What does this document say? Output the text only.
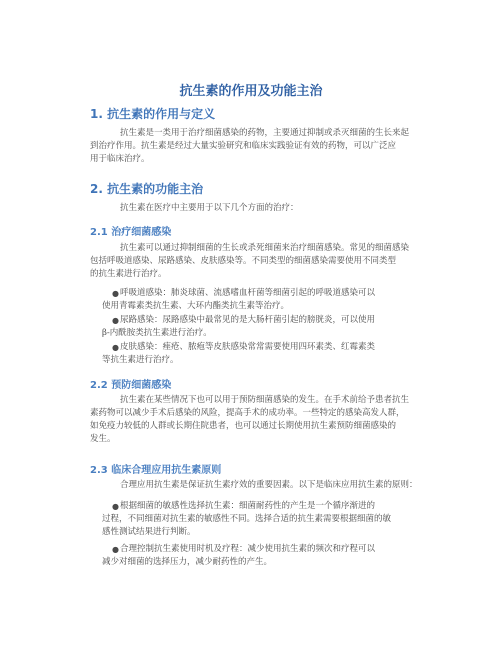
抗生素的作用及功能主治
1. 抗生素的作用与定义

抗生素是一类用于治疗细菌感染的药物，主要通过抑制或杀灭细菌的生长来起
到治疗作用。抗生素是经过大量实验研究和临床实践验证有效的药物，可以广泛应
用于临床治疗。

2. 抗生素的功能主治

抗生素在医疗中主要用于以下几个方面的治疗：

2.1 治疗细菌感染

抗生素可以通过抑制细菌的生长或杀死细菌来治疗细菌感染。常见的细菌感染
包括呼吸道感染、尿路感染、皮肤感染等。不同类型的细菌感染需要使用不同类型
的抗生素进行治疗。

● 呼吸道感染：肺炎球菌、流感嗜血杆菌等细菌引起的呼吸道感染可以
使用青霉素类抗生素、大环内酯类抗生素等治疗。
● 尿路感染：尿路感染中最常见的是大肠杆菌引起的膀胱炎，可以使用
β-内酰胺类抗生素进行治疗。
● 皮肤感染：痤疮、脓疱等皮肤感染常常需要使用四环素类、红霉素类
等抗生素进行治疗。
2.2 预防细菌感染

抗生素在某些情况下也可以用于预防细菌感染的发生。在手术前给予患者抗生
素药物可以减少手术后感染的风险，提高手术的成功率。一些特定的感染高发人群，
如免疫力较低的人群或长期住院患者，也可以通过长期使用抗生素预防细菌感染的
发生。

2.3 临床合理应用抗生素原则

合理应用抗生素是保证抗生素疗效的重要因素。以下是临床应用抗生素的原则：

● 根据细菌的敏感性选择抗生素：细菌耐药性的产生是一个循序渐进的
过程，不同细菌对抗生素的敏感性不同。选择合适的抗生素需要根据细菌的敏
感性测试结果进行判断。
● 合理控制抗生素使用时机及疗程：减少使用抗生素的频次和疗程可以
减少对细菌的选择压力，减少耐药性的产生。
